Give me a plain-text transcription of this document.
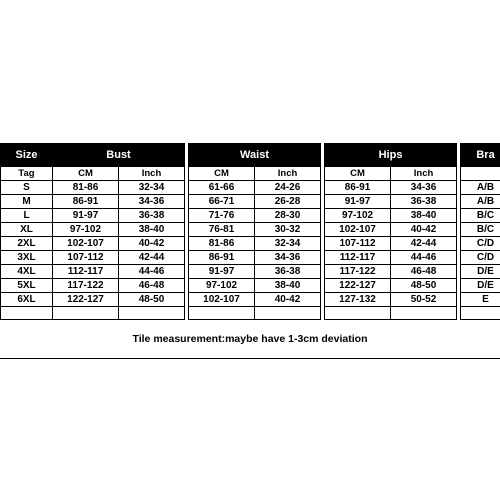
Size	Bust			Waist			Hips			Bra
Tag	CM	Inch		CM	Inch		CM	Inch		
S	81-86	32-34		61-66	24-26		86-91	34-36		A/B
M	86-91	34-36		66-71	26-28		91-97	36-38		A/B
L	91-97	36-38		71-76	28-30		97-102	38-40		B/C
XL	97-102	38-40		76-81	30-32		102-107	40-42		B/C
2XL	102-107	40-42		81-86	32-34		107-112	42-44		C/D
3XL	107-112	42-44		86-91	34-36		112-117	44-46		C/D
4XL	112-117	44-46		91-97	36-38		117-122	46-48		D/E
5XL	117-122	46-48		97-102	38-40		122-127	48-50		D/E
6XL	122-127	48-50		102-107	40-42		127-132	50-52		E

Tile measurement:maybe have 1-3cm deviation
